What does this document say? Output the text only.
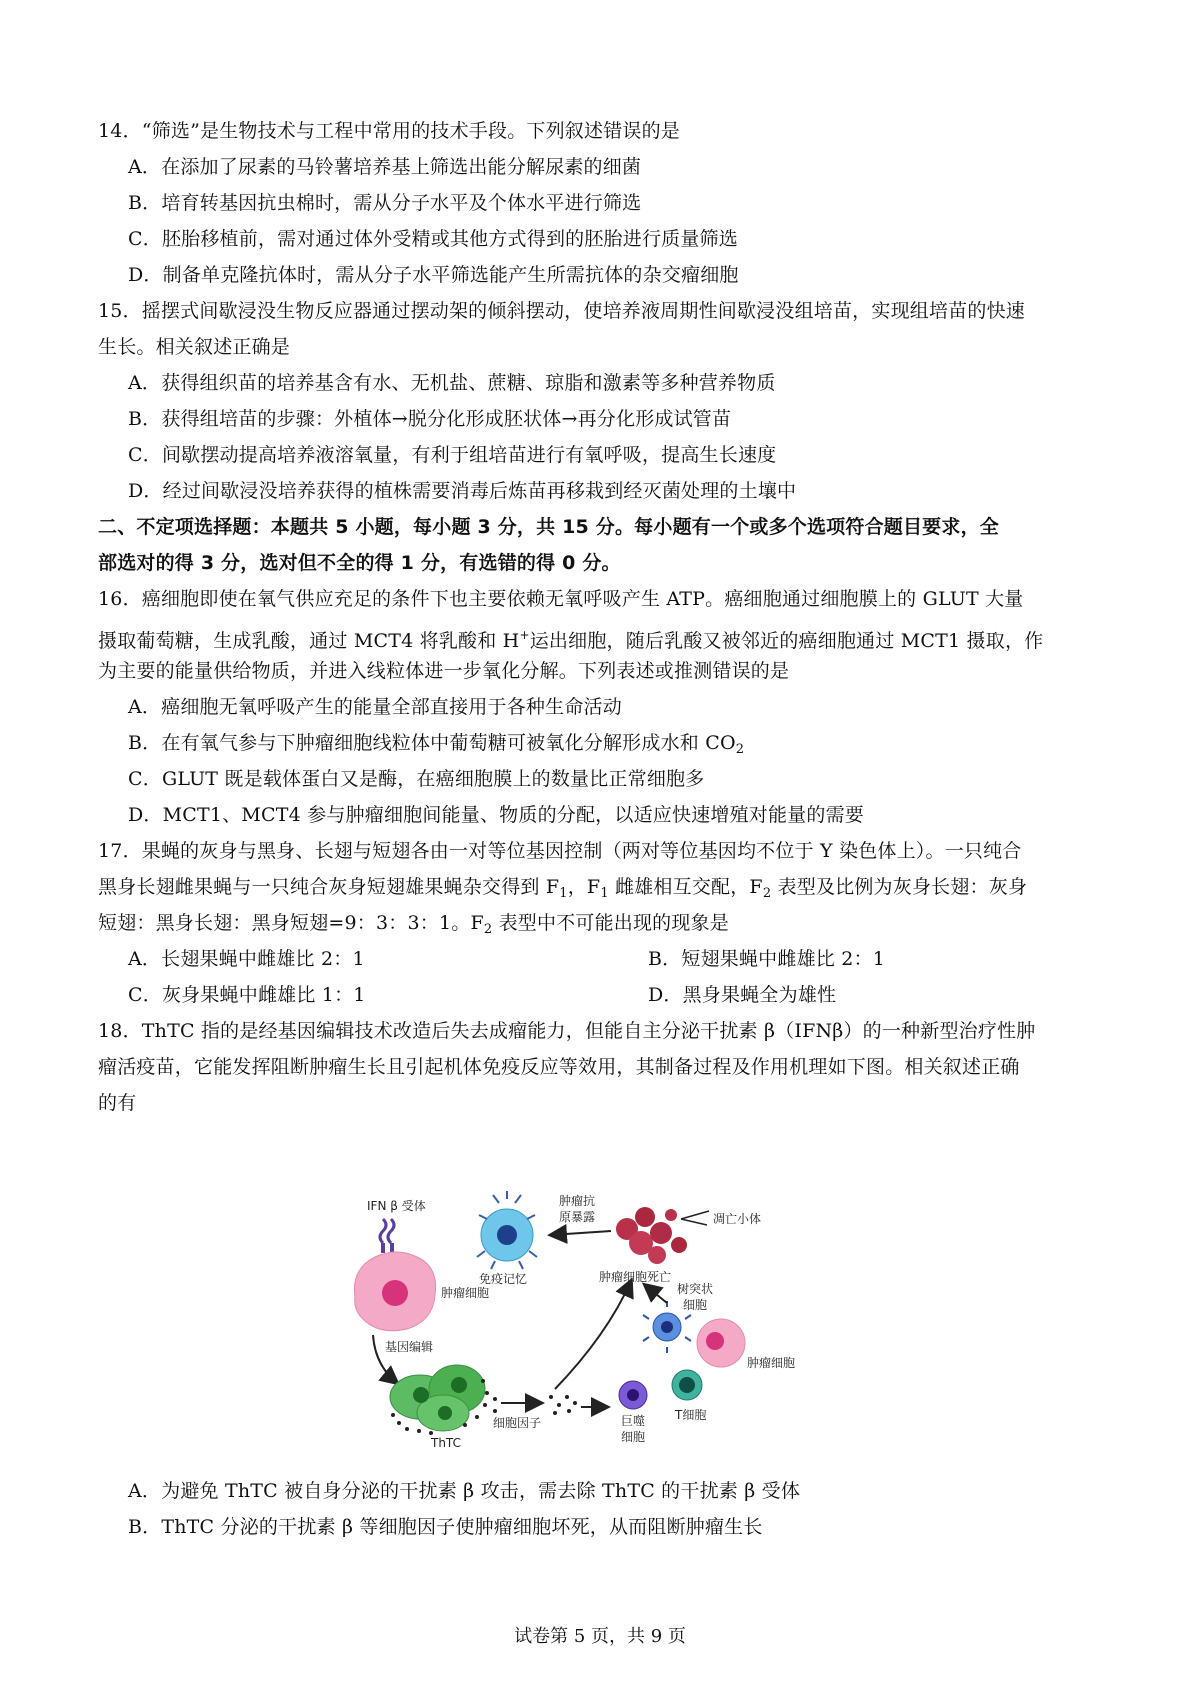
14．“筛选”是生物技术与工程中常用的技术手段。下列叙述错误的是
A．在添加了尿素的马铃薯培养基上筛选出能分解尿素的细菌
B．培育转基因抗虫棉时，需从分子水平及个体水平进行筛选
C．胚胎移植前，需对通过体外受精或其他方式得到的胚胎进行质量筛选
D．制备单克隆抗体时，需从分子水平筛选能产生所需抗体的杂交瘤细胞
15．摇摆式间歇浸没生物反应器通过摆动架的倾斜摆动，使培养液周期性间歇浸没组培苗，实现组培苗的快速
生长。相关叙述正确是
A．获得组织苗的培养基含有水、无机盐、蔗糖、琼脂和激素等多种营养物质
B．获得组培苗的步骤：外植体→脱分化形成胚状体→再分化形成试管苗
C．间歇摆动提高培养液溶氧量，有利于组培苗进行有氧呼吸，提高生长速度
D．经过间歇浸没培养获得的植株需要消毒后炼苗再移栽到经灭菌处理的土壤中
二、不定项选择题：本题共 5 小题，每小题 3 分，共 15 分。每小题有一个或多个选项符合题目要求，全
部选对的得 3 分，选对但不全的得 1 分，有选错的得 0 分。
16．癌细胞即使在氧气供应充足的条件下也主要依赖无氧呼吸产生 ATP。癌细胞通过细胞膜上的 GLUT 大量
摄取葡萄糖，生成乳酸，通过 MCT4 将乳酸和 H+运出细胞，随后乳酸又被邻近的癌细胞通过 MCT1 摄取，作
为主要的能量供给物质，并进入线粒体进一步氧化分解。下列表述或推测错误的是
A．癌细胞无氧呼吸产生的能量全部直接用于各种生命活动
B．在有氧气参与下肿瘤细胞线粒体中葡萄糖可被氧化分解形成水和 $CO_2$
C．GLUT 既是载体蛋白又是酶，在癌细胞膜上的数量比正常细胞多
D．MCT1、MCT4 参与肿瘤细胞间能量、物质的分配，以适应快速增殖对能量的需要
17．果蝇的灰身与黑身、长翅与短翅各由一对等位基因控制（两对等位基因均不位于 Y 染色体上）。一只纯合
黑身长翅雌果蝇与一只纯合灰身短翅雄果蝇杂交得到 $F_1$，$F_1$ 雌雄相互交配，$F_2$ 表型及比例为灰身长翅：灰身
短翅：黑身长翅：黑身短翅=9：3：3：1。$F_2$ 表型中不可能出现的现象是
A．长翅果蝇中雌雄比 2：1	B．短翅果蝇中雌雄比 2：1
C．灰身果蝇中雌雄比 1：1	D．黑身果蝇全为雄性
18．ThTC 指的是经基因编辑技术改造后失去成瘤能力，但能自主分泌干扰素 β（IFNβ）的一种新型治疗性肿
瘤活疫苗，它能发挥阻断肿瘤生长且引起机体免疫反应等效用，其制备过程及作用机理如下图。相关叙述正确
的有
IFN β 受体
肿瘤细胞
基因编辑
ThTC
细胞因子
免疫记忆
肿瘤抗
原暴露	凋亡小体
肿瘤细胞死亡
树突状
细胞
肿瘤细胞
巨噬
细胞
T细胞
A．为避免 ThTC 被自身分泌的干扰素 β 攻击，需去除 ThTC 的干扰素 β 受体
B．ThTC 分泌的干扰素 β 等细胞因子使肿瘤细胞坏死，从而阻断肿瘤生长
试卷第 5 页，共 9 页
